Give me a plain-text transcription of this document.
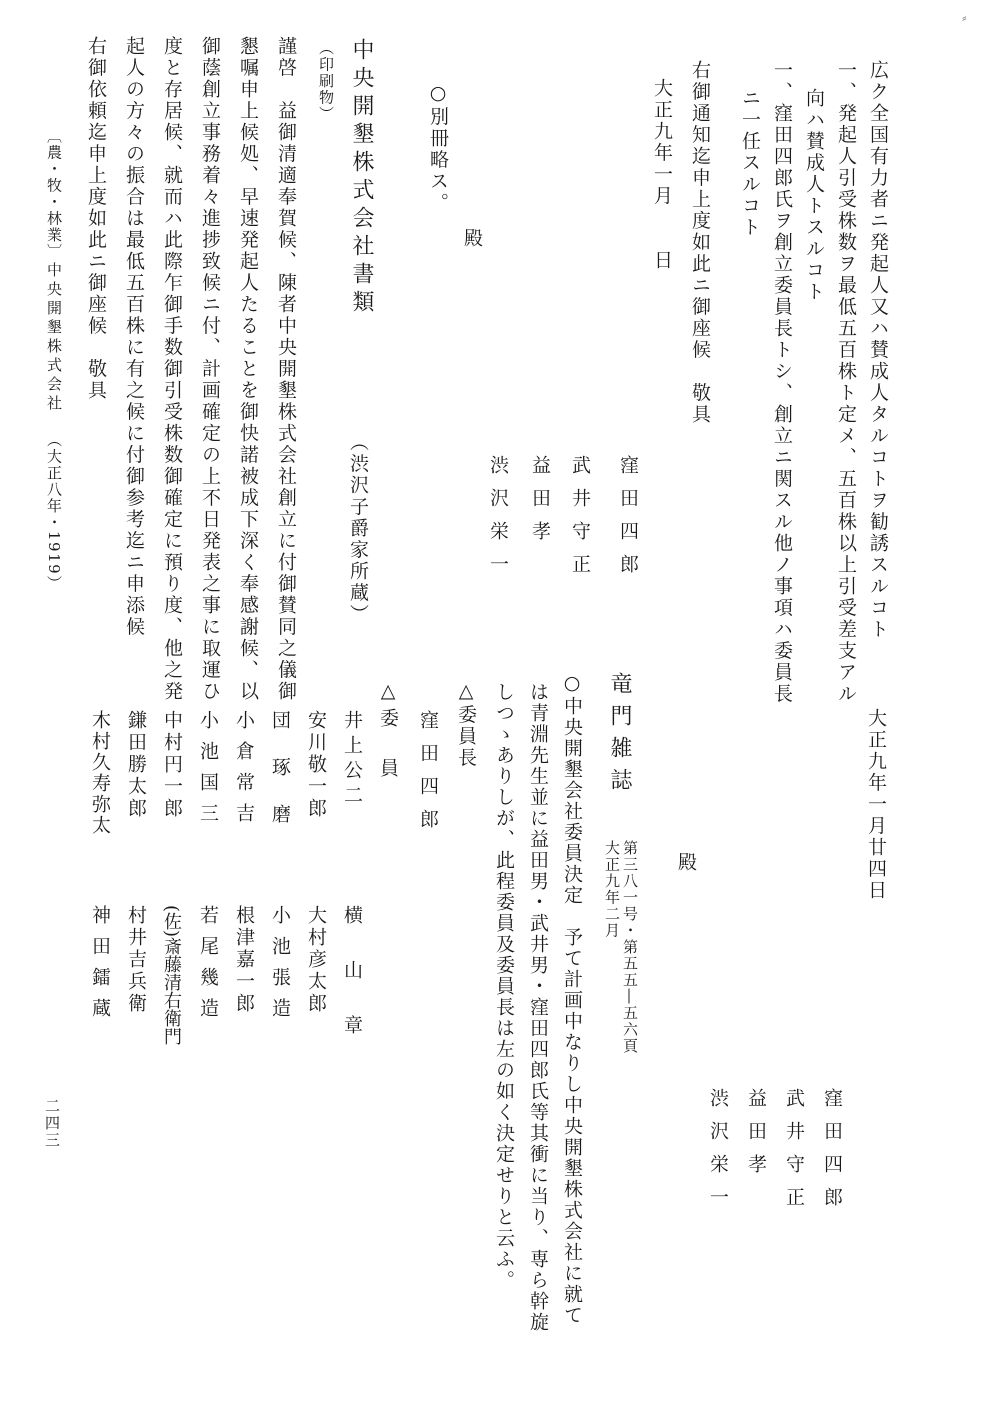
広ク全国有力者ニ発起人又ハ賛成人タルコトヲ勧誘スルコト
一、発起人引受株数ヲ最低五百株ト定メ、五百株以上引受差支アル
向ハ賛成人トスルコト
一、窪田四郎氏ヲ創立委員長トシ、創立ニ関スル他ノ事項ハ委員長
ニ一任スルコト
右御通知迄申上度如此ニ御座候　敬具
大正九年一月　　日
窪田四郎
武井守正
益田孝
渋沢栄一
殿
○別冊略ス。
中央開墾株式会社書類
（渋沢子爵家所蔵）
（印刷物）
謹啓　益御清適奉賀候、陳者中央開墾株式会社創立に付御賛同之儀御
懇嘱申上候処、早速発起人たることを御快諾被成下深く奉感謝候、以
御蔭創立事務着々進捗致候ニ付、計画確定の上不日発表之事に取運ひ
度と存居候、就而ハ此際乍御手数御引受株数御確定に預り度、他之発
起人の方々の振合は最低五百株に有之候に付御参考迄ニ申添候
右御依頼迄申上度如此ニ御座候　敬具
大正九年一月廿四日
殿
窪田四郎
武井守正
益田孝
渋沢栄一
竜門雑誌
第三八一号・第五五―五六頁
大正九年二月
○中央開墾会社委員決定　予て計画中なりし中央開墾株式会社に就て
は青淵先生並に益田男・武井男・窪田四郎氏等其衝に当り、専ら幹旋
しつゝありしが、此程委員及委員長は左の如く決定せりと云ふ。
△委員長
窪田四郎
△委　員
井上公二
安川敬一郎
団琢磨
小倉常吉
小池国三
中村円一郎
鎌田勝太郎
木村久寿弥太
横山章
大村彦太郎
小池張造
根津嘉一郎
若尾幾造
(佐)斎藤清右衛門
村井吉兵衛
神田鐳蔵
〔農・牧・林業〕
中央開墾株式会社
（大正八年・1919）
二四三
⸗
